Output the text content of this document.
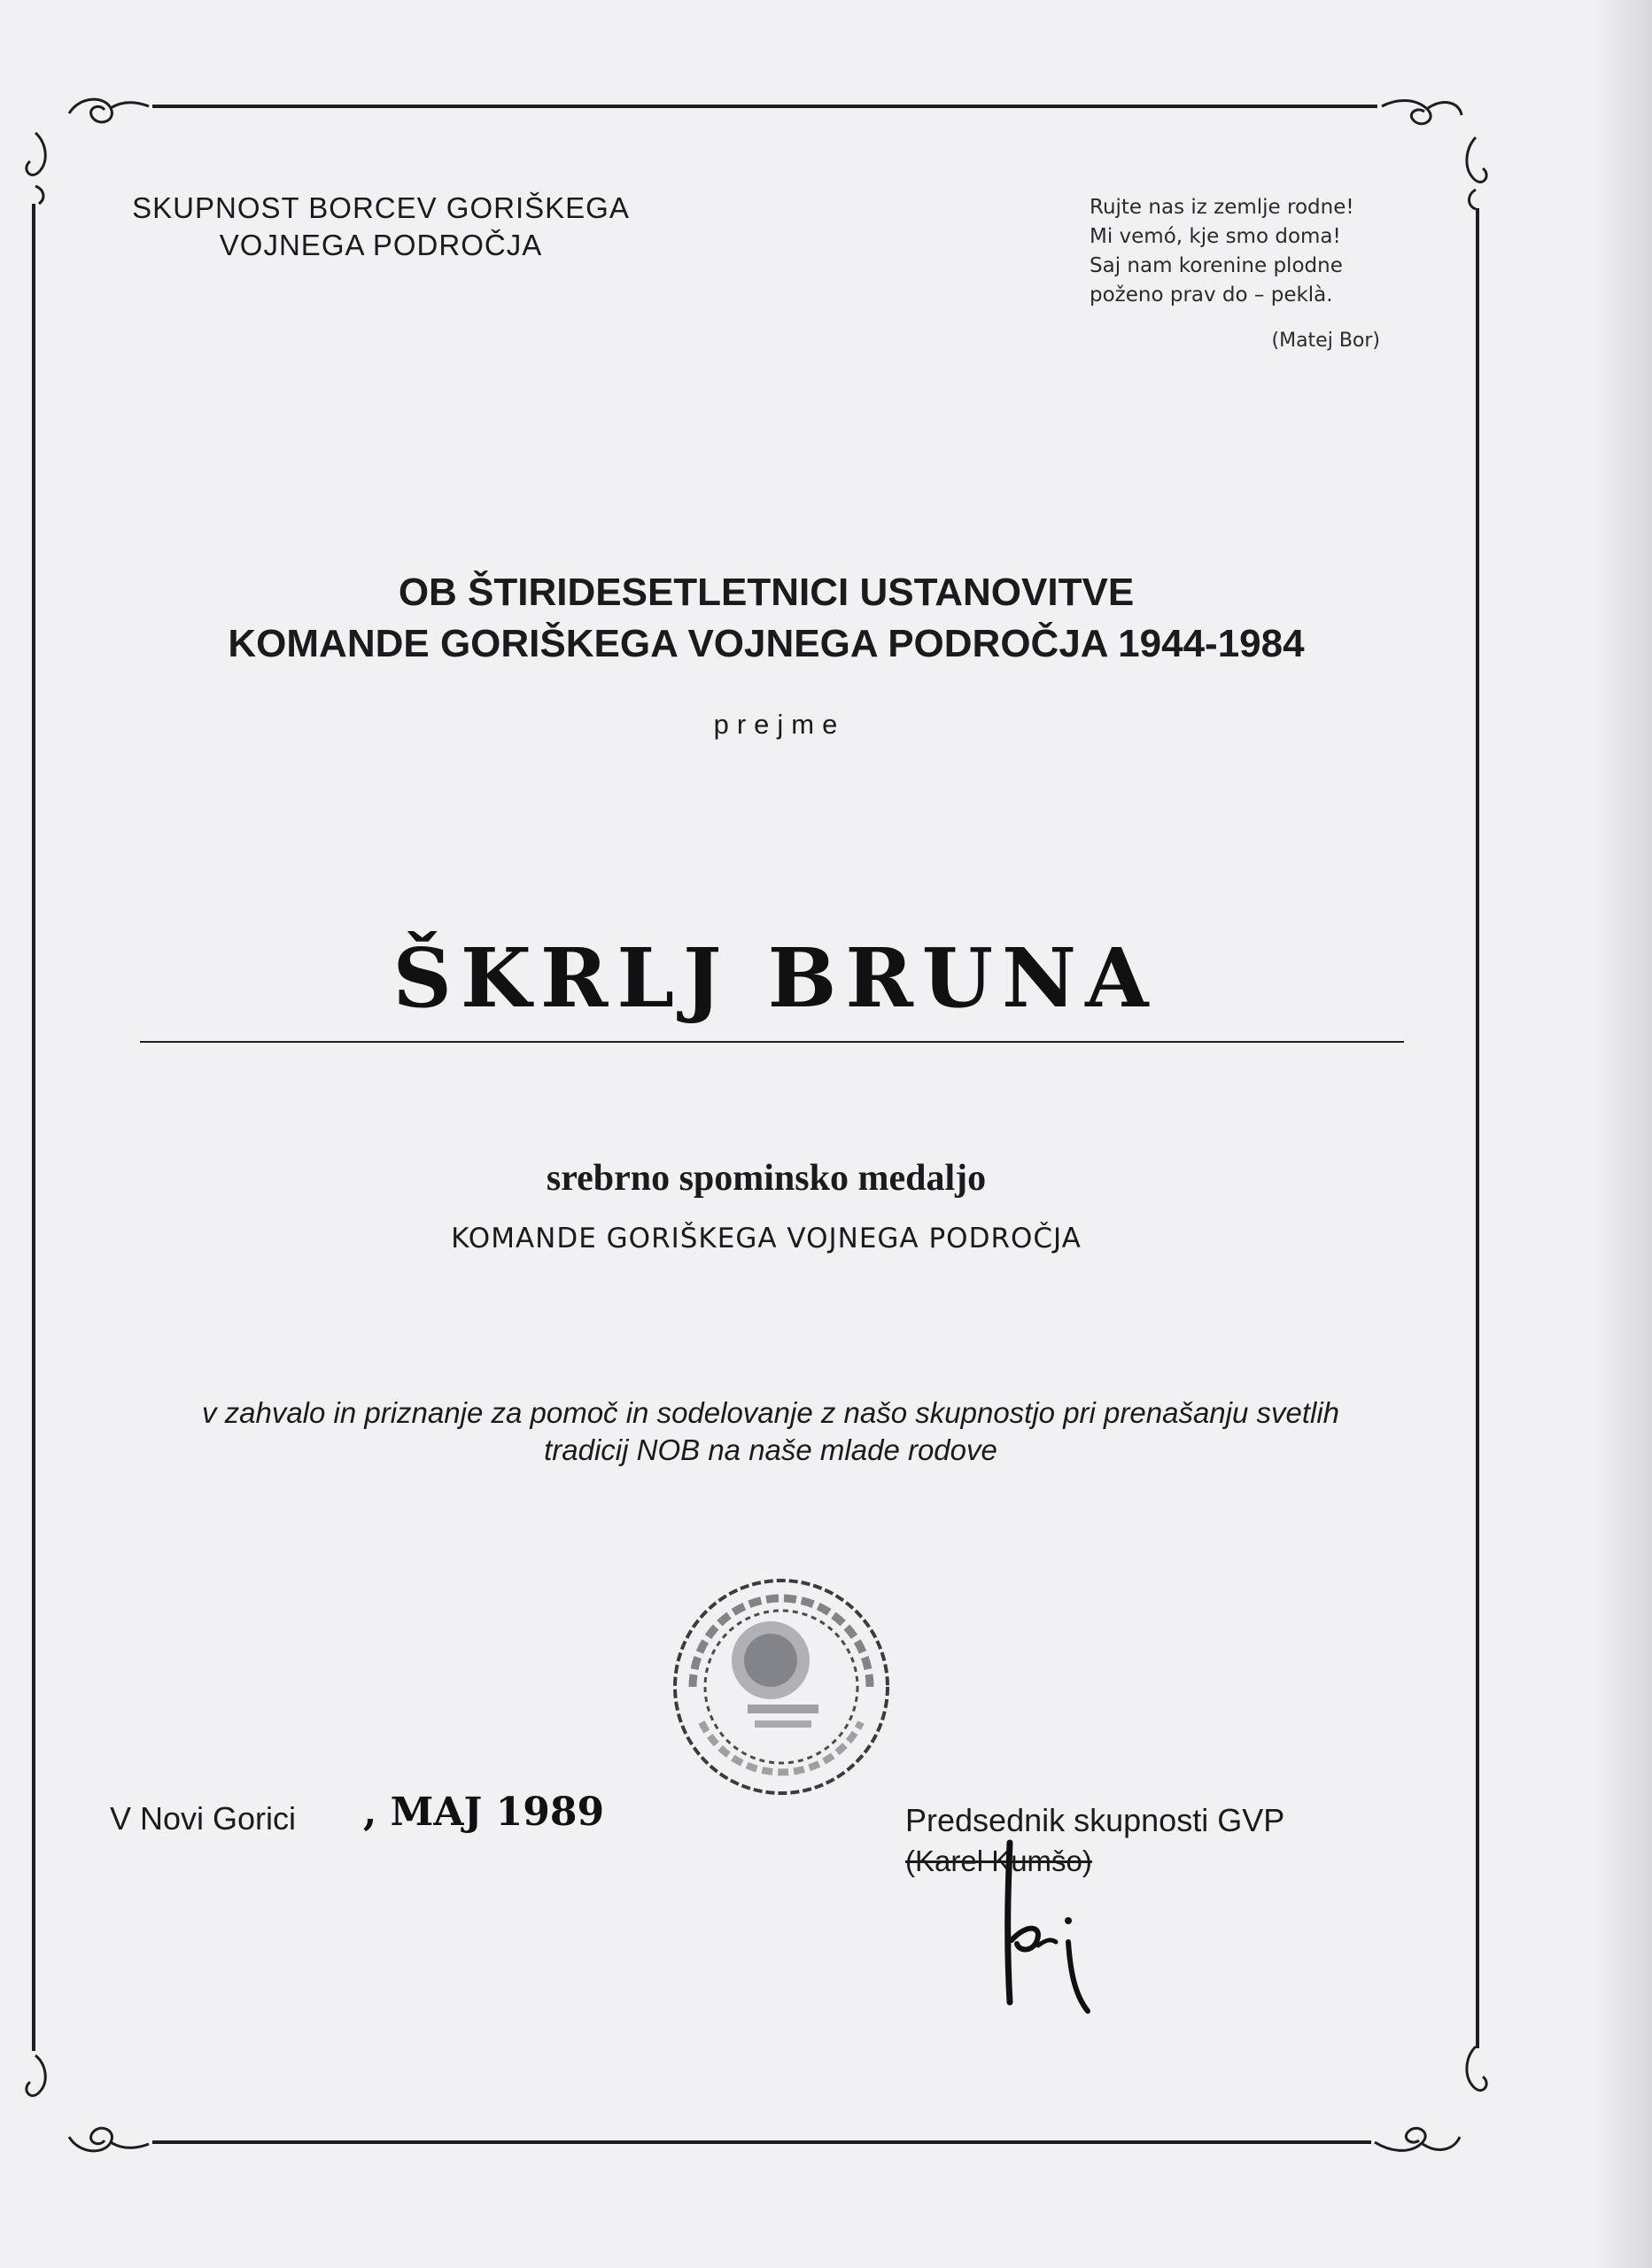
SKUPNOST BORCEV GORIŠKEGA
VOJNEGA PODROČJA
Rujte nas iz zemlje rodne!
Mi vemó, kje smo doma!
Saj nam korenine plodne
poženo prav do – peklà.
(Matej Bor)
OB ŠTIRIDESETLETNICI USTANOVITVE
KOMANDE GORIŠKEGA VOJNEGA PODROČJA 1944-1984
prejme
ŠKRLJ BRUNA
srebrno spominsko medaljo
KOMANDE GORIŠKEGA VOJNEGA PODROČJA
v zahvalo in priznanje za pomoč in sodelovanje z našo skupnostjo pri prenašanju svetlih
tradicij NOB na naše mlade rodove
V Novi Gorici , MAJ 1989	Predsednik skupnosti GVP
(Karel Kumšo)
